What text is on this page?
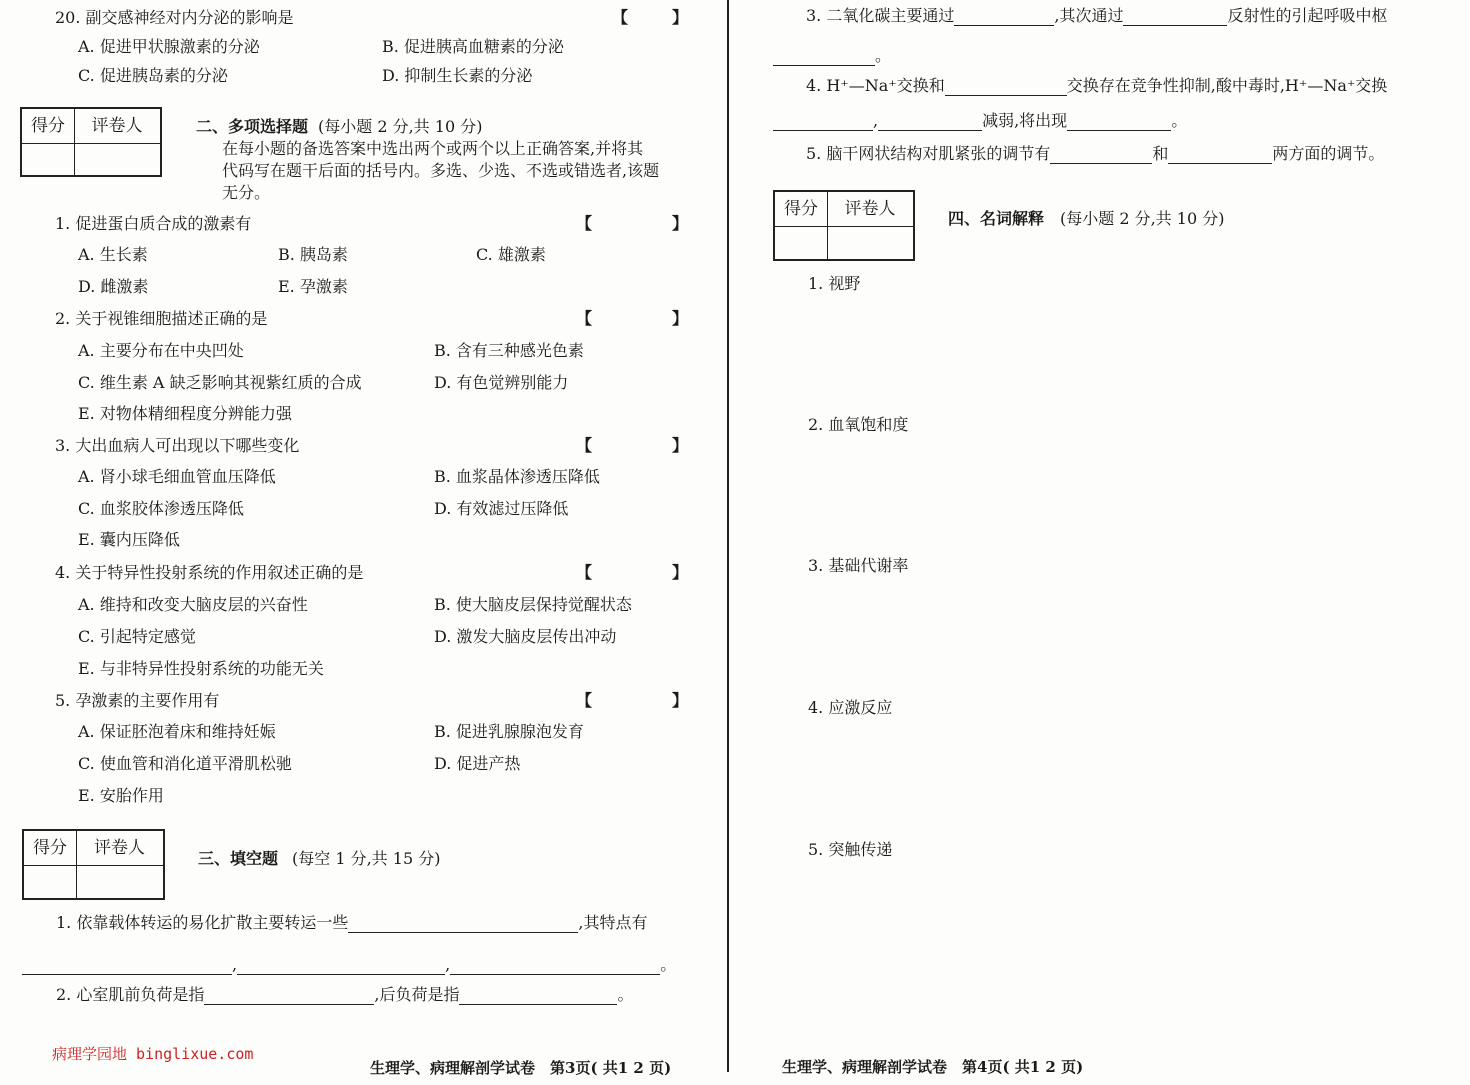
20. 副交感神经对内分泌的影响是	【	】
A. 促进甲状腺激素的分泌	B. 促进胰高血糖素的分泌
C. 促进胰岛素的分泌	D. 抑制生长素的分泌
得分	评卷人	二、多项选择题 (每小题 2 分,共 10 分)
在每小题的备选答案中选出两个或两个以上正确答案,并将其
代码写在题干后面的括号内。多选、少选、不选或错选者,该题
无分。
1. 促进蛋白质合成的激素有	【	】
A. 生长素	B. 胰岛素	C. 雄激素
D. 雌激素	E. 孕激素
2. 关于视锥细胞描述正确的是	【	】
A. 主要分布在中央凹处	B. 含有三种感光色素
C. 维生素 A 缺乏影响其视紫红质的合成	D. 有色觉辨别能力
E. 对物体精细程度分辨能力强
3. 大出血病人可出现以下哪些变化	【	】
A. 肾小球毛细血管血压降低	B. 血浆晶体渗透压降低
C. 血浆胶体渗透压降低	D. 有效滤过压降低
E. 囊内压降低
4. 关于特异性投射系统的作用叙述正确的是	【	】
A. 维持和改变大脑皮层的兴奋性	B. 使大脑皮层保持觉醒状态
C. 引起特定感觉	D. 激发大脑皮层传出冲动
E. 与非特异性投射系统的功能无关
5. 孕激素的主要作用有	【	】
A. 保证胚泡着床和维持妊娠	B. 促进乳腺腺泡发育
C. 使血管和消化道平滑肌松驰	D. 促进产热
E. 安胎作用
得分	评卷人
三、填空题 (每空 1 分,共 15 分)
1. 依靠载体转运的易化扩散主要转运一些	,其特点有
,	,	。
2. 心室肌前负荷是指	,后负荷是指	。
病理学园地 binglixue.com
生理学、病理解剖学试卷　第3页( 共1 2 页)
3. 二氧化碳主要通过	,其次通过	反射性的引起呼吸中枢
。
4. H⁺—Na⁺交换和	交换存在竞争性抑制,酸中毒时,H⁺—Na⁺交换
,	减弱,将出现	。
5. 脑干网状结构对肌紧张的调节有	和	两方面的调节。
得分	评卷人	四、名词解释 (每小题 2 分,共 10 分)
1. 视野
2. 血氧饱和度
3. 基础代谢率
4. 应激反应
5. 突触传递
生理学、病理解剖学试卷　第4页( 共1 2 页)
